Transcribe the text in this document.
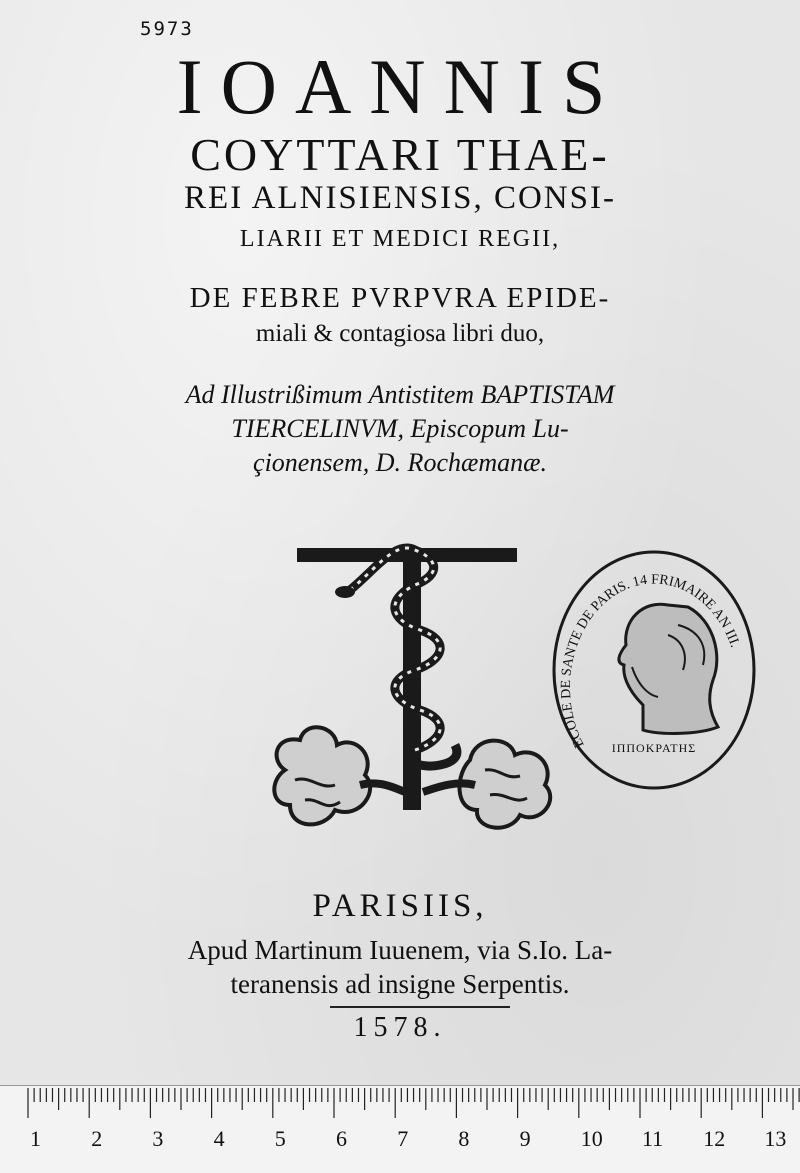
5973
IOANNIS
COYTTARI THAE-
REI ALNISIENSIS, CONSI-
LIARII ET MEDICI REGII,
DE FEBRE PVRPVRA EPIDE-
miali & contagiosa libri duo,
Ad Illustrißimum Antistitem BAPTISTAM
TIERCELINVM, Episcopum Lu-
çionensem, D. Rochæmanæ.
ECOLE DE SANTE DE PARIS. 14 FRIMAIRE AN III.
ΙΠΠΟΚΡΑΤΗΣ
PARISIIS,
Apud Martinum Iuuenem, via S.Io. La-
teranensis ad insigne Serpentis.
1578.
1 2 3 4 5 6 7 8 9 10 11 12 13
